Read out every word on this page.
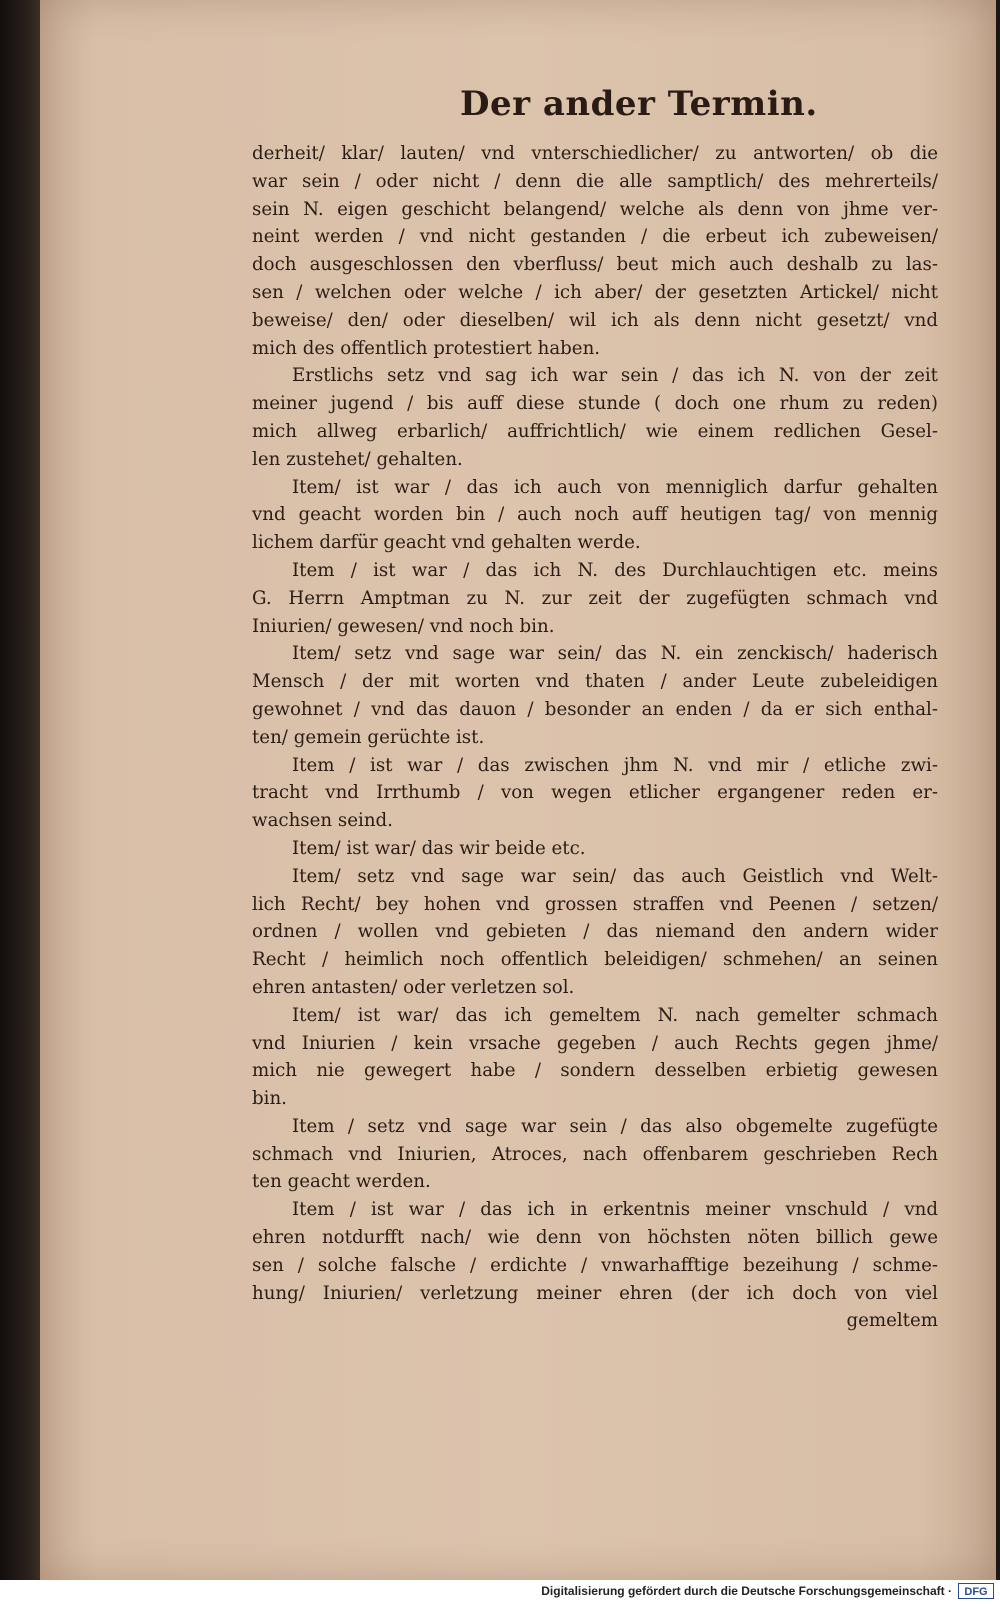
Der ander Termin.
derheit/ klar/ lauten/ vnd vnterschiedlicher/ zu antworten/ ob die
war sein / oder nicht / denn die alle samptlich/ des mehrerteils/
sein N. eigen geschicht belangend/ welche als denn von jhme ver-
neint werden / vnd nicht gestanden / die erbeut ich zubeweisen/
doch ausgeschlossen den vberfluss/ beut mich auch deshalb zu las-
sen / welchen oder welche / ich aber/ der gesetzten Artickel/ nicht
beweise/ den/ oder dieselben/ wil ich als denn nicht gesetzt/ vnd
mich des offentlich protestiert haben.
Erstlichs setz vnd sag ich war sein / das ich N. von der zeit
meiner jugend / bis auff diese stunde ( doch one rhum zu reden)
mich allweg erbarlich/ auffrichtlich/ wie einem redlichen Gesel-
len zustehet/ gehalten.
Item/ ist war / das ich auch von menniglich darfur gehalten
vnd geacht worden bin / auch noch auff heutigen tag/ von mennig
lichem darfür geacht vnd gehalten werde.
Item / ist war / das ich N. des Durchlauchtigen etc. meins
G. Herrn Amptman zu N. zur zeit der zugefügten schmach vnd
Iniurien/ gewesen/ vnd noch bin.
Item/ setz vnd sage war sein/ das N. ein zenckisch/ haderisch
Mensch / der mit worten vnd thaten / ander Leute zubeleidigen
gewohnet / vnd das dauon / besonder an enden / da er sich enthal-
ten/ gemein gerüchte ist.
Item / ist war / das zwischen jhm N. vnd mir / etliche zwi-
tracht vnd Irrthumb / von wegen etlicher ergangener reden er-
wachsen seind.
Item/ ist war/ das wir beide etc.
Item/ setz vnd sage war sein/ das auch Geistlich vnd Welt-
lich Recht/ bey hohen vnd grossen straffen vnd Peenen / setzen/
ordnen / wollen vnd gebieten / das niemand den andern wider
Recht / heimlich noch offentlich beleidigen/ schmehen/ an seinen
ehren antasten/ oder verletzen sol.
Item/ ist war/ das ich gemeltem N. nach gemelter schmach
vnd Iniurien / kein vrsache gegeben / auch Rechts gegen jhme/
mich nie gewegert habe / sondern desselben erbietig gewesen
bin.
Item / setz vnd sage war sein / das also obgemelte zugefügte
schmach vnd Iniurien, Atroces, nach offenbarem geschrieben Rech
ten geacht werden.
Item / ist war / das ich in erkentnis meiner vnschuld / vnd
ehren notdurfft nach/ wie denn von höchsten nöten billich gewe
sen / solche falsche / erdichte / vnwarhafftige bezeihung / schme-
hung/ Iniurien/ verletzung meiner ehren (der ich doch von viel
gemeltem
Digitalisierung gefördert durch die Deutsche Forschungsgemeinschaft ·	DFG
